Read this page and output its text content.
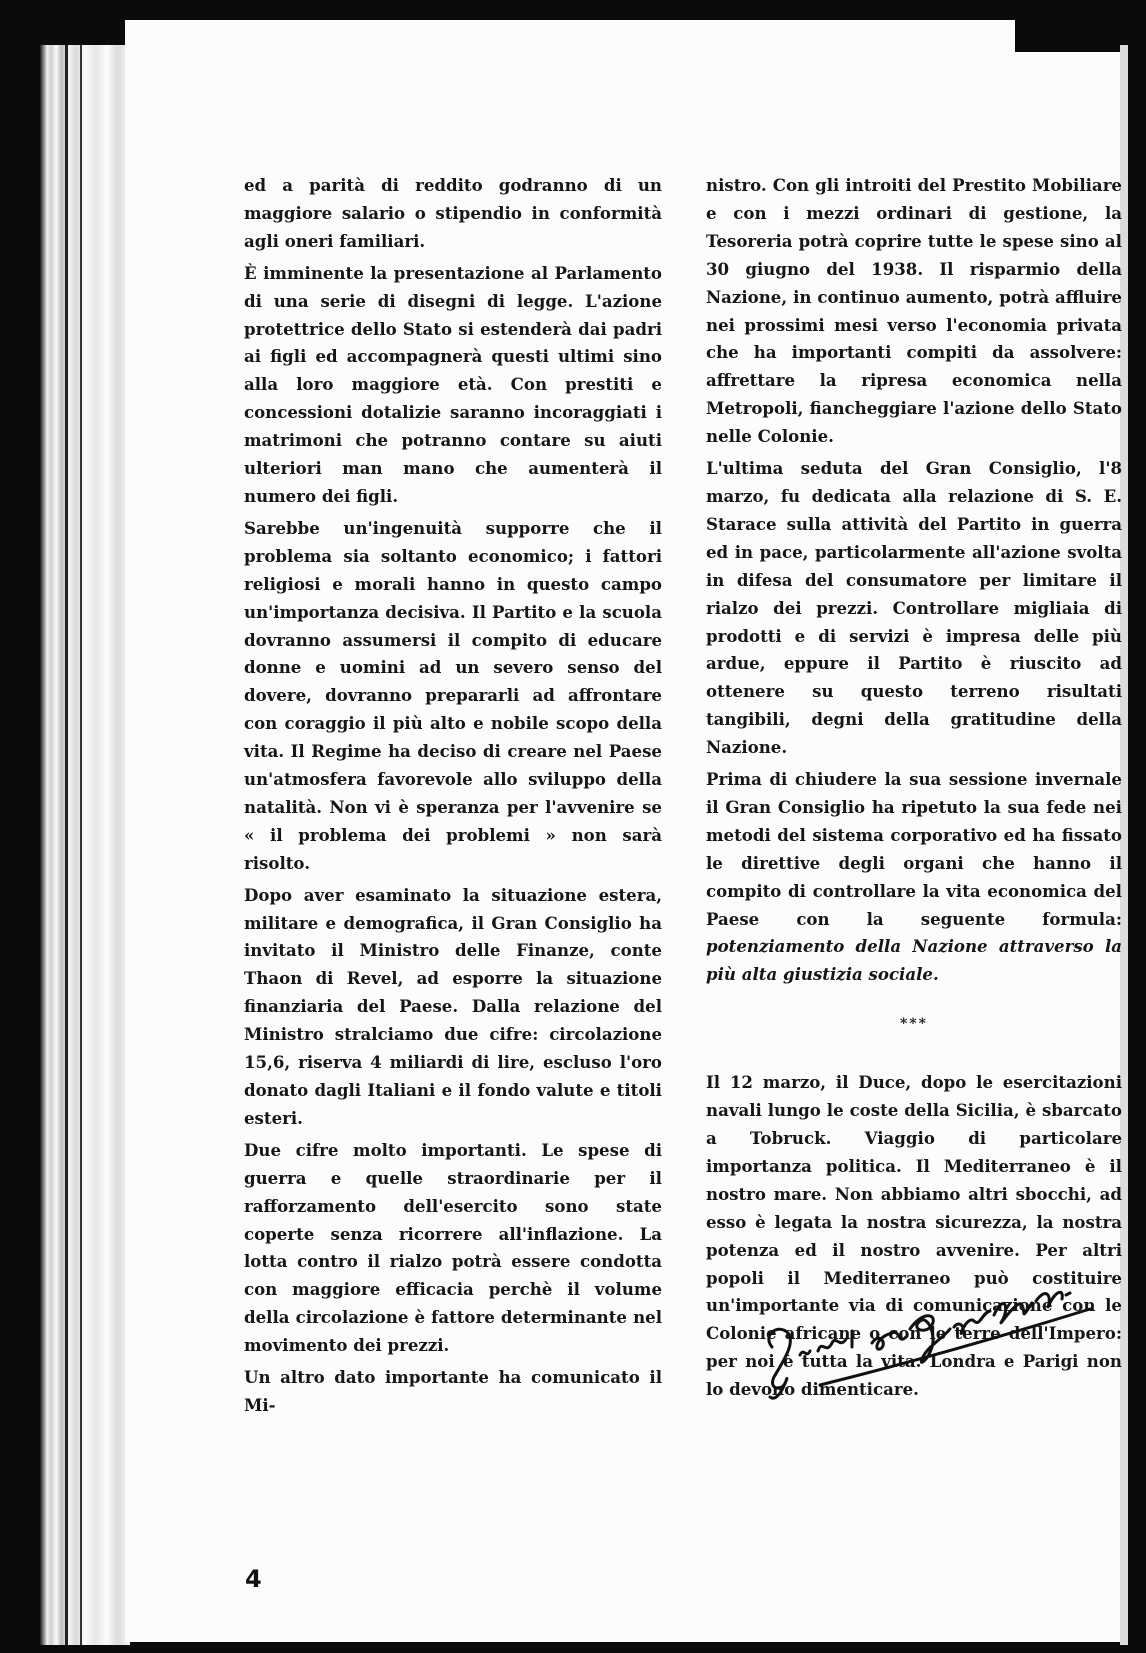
ed a parità di reddito godranno di un maggiore salario o stipendio in conformità agli oneri familiari.

È imminente la presentazione al Parlamento di una serie di disegni di legge. L'azione protettrice dello Stato si estenderà dai padri ai figli ed accompagnerà questi ultimi sino alla loro maggiore età. Con prestiti e concessioni dotalizie saranno incoraggiati i matrimoni che potranno contare su aiuti ulteriori man mano che aumenterà il numero dei figli.

Sarebbe un'ingenuità supporre che il problema sia soltanto economico; i fattori religiosi e morali hanno in questo campo un'importanza decisiva. Il Partito e la scuola dovranno assumersi il compito di educare donne e uomini ad un severo senso del dovere, dovranno prepararli ad affrontare con coraggio il più alto e nobile scopo della vita. Il Regime ha deciso di creare nel Paese un'atmosfera favorevole allo sviluppo della natalità. Non vi è speranza per l'avvenire se « il problema dei problemi » non sarà risolto.

Dopo aver esaminato la situazione estera, militare e demografica, il Gran Consiglio ha invitato il Ministro delle Finanze, conte Thaon di Revel, ad esporre la situazione finanziaria del Paese. Dalla relazione del Ministro stralciamo due cifre: circolazione 15,6, riserva 4 miliardi di lire, escluso l'oro donato dagli Italiani e il fondo valute e titoli esteri.

Due cifre molto importanti. Le spese di guerra e quelle straordinarie per il rafforzamento dell'esercito sono state coperte senza ricorrere all'inflazione. La lotta contro il rialzo potrà essere condotta con maggiore efficacia perchè il volume della circolazione è fattore determinante nel movimento dei prezzi.

Un altro dato importante ha comunicato il Mi-

nistro. Con gli introiti del Prestito Mobiliare e con i mezzi ordinari di gestione, la Tesoreria potrà coprire tutte le spese sino al 30 giugno del 1938. Il risparmio della Nazione, in continuo aumento, potrà affluire nei prossimi mesi verso l'economia privata che ha importanti compiti da assolvere: affrettare la ripresa economica nella Metropoli, fiancheggiare l'azione dello Stato nelle Colonie.

L'ultima seduta del Gran Consiglio, l'8 marzo, fu dedicata alla relazione di S. E. Starace sulla attività del Partito in guerra ed in pace, particolarmente all'azione svolta in difesa del consumatore per limitare il rialzo dei prezzi. Controllare migliaia di prodotti e di servizi è impresa delle più ardue, eppure il Partito è riuscito ad ottenere su questo terreno risultati tangibili, degni della gratitudine della Nazione.

Prima di chiudere la sua sessione invernale il Gran Consiglio ha ripetuto la sua fede nei metodi del sistema corporativo ed ha fissato le direttive degli organi che hanno il compito di controllare la vita economica del Paese con la seguente formula: potenziamento della Nazione attraverso la più alta giustizia sociale.

***

Il 12 marzo, il Duce, dopo le esercitazioni navali lungo le coste della Sicilia, è sbarcato a Tobruck. Viaggio di particolare importanza politica. Il Mediterraneo è il nostro mare. Non abbiamo altri sbocchi, ad esso è legata la nostra sicurezza, la nostra potenza ed il nostro avvenire. Per altri popoli il Mediterraneo può costituire un'importante via di comunicazione con le Colonie africane o con le terre dell'Impero: per noi è tutta la vita. Londra e Parigi non lo devono dimenticare.

4
